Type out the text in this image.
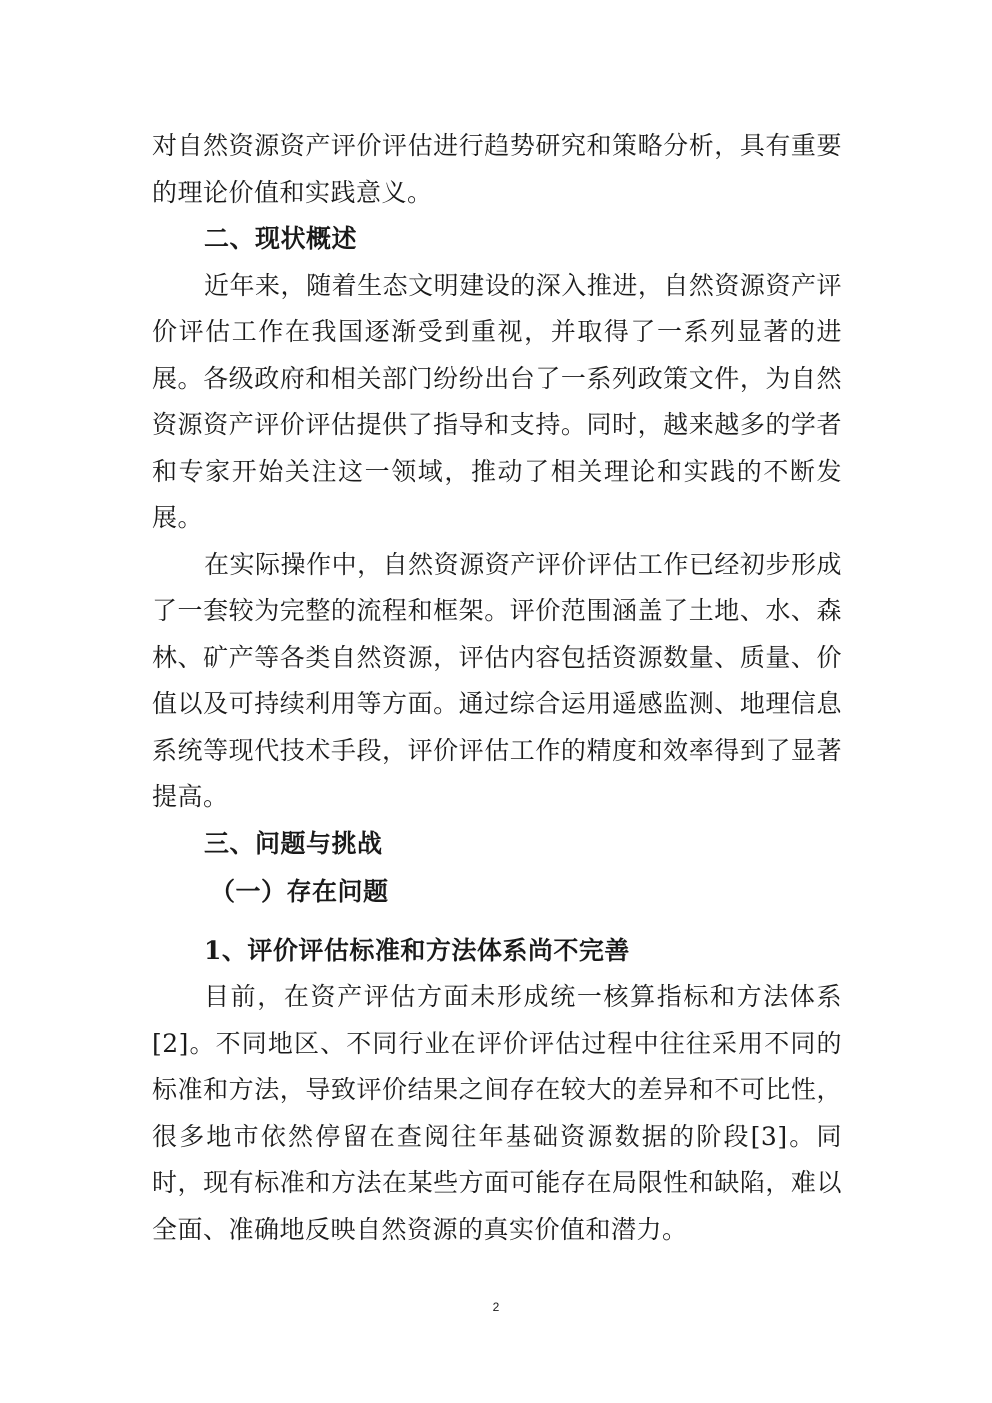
对自然资源资产评价评估进行趋势研究和策略分析，具有重要的理论价值和实践意义。

二、现状概述

近年来，随着生态文明建设的深入推进，自然资源资产评价评估工作在我国逐渐受到重视，并取得了一系列显著的进展。各级政府和相关部门纷纷出台了一系列政策文件，为自然资源资产评价评估提供了指导和支持。同时，越来越多的学者和专家开始关注这一领域，推动了相关理论和实践的不断发展。

在实际操作中，自然资源资产评价评估工作已经初步形成了一套较为完整的流程和框架。评价范围涵盖了土地、水、森林、矿产等各类自然资源，评估内容包括资源数量、质量、价值以及可持续利用等方面。通过综合运用遥感监测、地理信息系统等现代技术手段，评价评估工作的精度和效率得到了显著提高。

三、问题与挑战
（一）存在问题
1、评价评估标准和方法体系尚不完善

目前，在资产评估方面未形成统一核算指标和方法体系[2]。不同地区、不同行业在评价评估过程中往往采用不同的标准和方法，导致评价结果之间存在较大的差异和不可比性，很多地市依然停留在查阅往年基础资源数据的阶段[3]。同时，现有标准和方法在某些方面可能存在局限性和缺陷，难以全面、准确地反映自然资源的真实价值和潜力。

2
